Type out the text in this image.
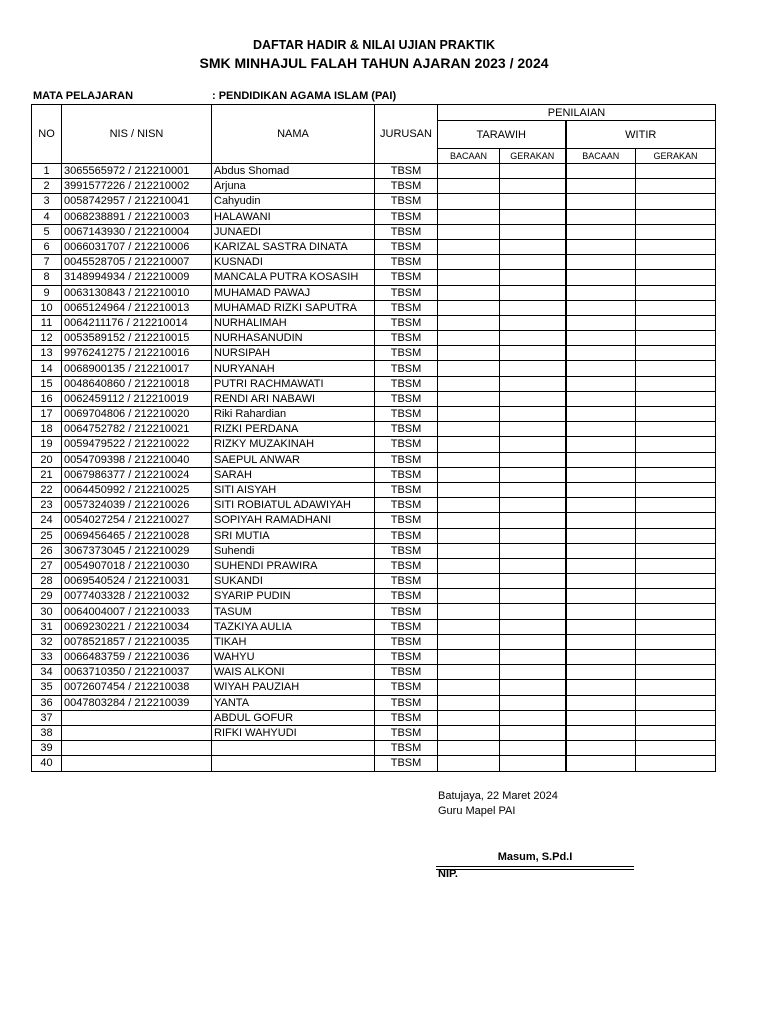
DAFTAR HADIR & NILAI UJIAN PRAKTIK
SMK MINHAJUL FALAH TAHUN AJARAN 2023 / 2024
MATA PELAJARAN	: PENDIDIKAN AGAMA ISLAM (PAI)
NO	NIS / NISN	NAMA	JURUSAN	PENILAIAN			
				TARAWIH		WITIR	
				BACAAN	GERAKAN	BACAAN	GERAKAN
1	3065565972 / 212210001	Abdus Shomad	TBSM				
2	3991577226 / 212210002	Arjuna	TBSM				
3	0058742957 / 212210041	Cahyudin	TBSM				
4	0068238891 / 212210003	HALAWANI	TBSM				
5	0067143930 / 212210004	JUNAEDI	TBSM				
6	0066031707 / 212210006	KARIZAL SASTRA DINATA	TBSM				
7	0045528705 / 212210007	KUSNADI	TBSM				
8	3148994934 / 212210009	MANCALA PUTRA KOSASIH	TBSM				
9	0063130843 / 212210010	MUHAMAD PAWAJ	TBSM				
10	0065124964 / 212210013	MUHAMAD RIZKI SAPUTRA	TBSM				
11	0064211176 / 212210014	NURHALIMAH	TBSM				
12	0053589152 / 212210015	NURHASANUDIN	TBSM				
13	9976241275 / 212210016	NURSIPAH	TBSM				
14	0068900135 / 212210017	NURYANAH	TBSM				
15	0048640860 / 212210018	PUTRI RACHMAWATI	TBSM				
16	0062459112 / 212210019	RENDI ARI NABAWI	TBSM				
17	0069704806 / 212210020	Riki Rahardian	TBSM				
18	0064752782 / 212210021	RIZKI PERDANA	TBSM				
19	0059479522 / 212210022	RIZKY MUZAKINAH	TBSM				
20	0054709398 / 212210040	SAEPUL ANWAR	TBSM				
21	0067986377 / 212210024	SARAH	TBSM				
22	0064450992 / 212210025	SITI AISYAH	TBSM				
23	0057324039 / 212210026	SITI ROBIATUL ADAWIYAH	TBSM				
24	0054027254 / 212210027	SOPIYAH RAMADHANI	TBSM				
25	0069456465 / 212210028	SRI MUTIA	TBSM				
26	3067373045 / 212210029	Suhendi	TBSM				
27	0054907018 / 212210030	SUHENDI PRAWIRA	TBSM				
28	0069540524 / 212210031	SUKANDI	TBSM				
29	0077403328 / 212210032	SYARIP PUDIN	TBSM				
30	0064004007 / 212210033	TASUM	TBSM				
31	0069230221 / 212210034	TAZKIYA AULIA	TBSM				
32	0078521857 / 212210035	TIKAH	TBSM				
33	0066483759 / 212210036	WAHYU	TBSM				
34	0063710350 / 212210037	WAIS ALKONI	TBSM				
35	0072607454 / 212210038	WIYAH PAUZIAH	TBSM				
36	0047803284 / 212210039	YANTA	TBSM				
37		ABDUL GOFUR	TBSM				
38		RIFKI WAHYUDI	TBSM				
39			TBSM				
40			TBSM				
Batujaya, 22 Maret 2024
Guru Mapel PAI
Masum, S.Pd.I
NIP.
